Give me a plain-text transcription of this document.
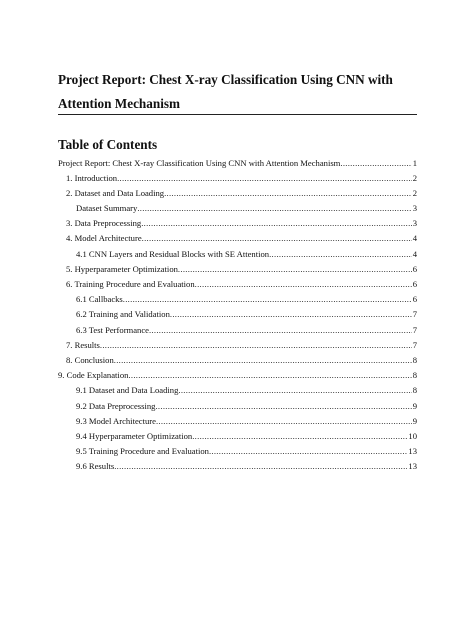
Project Report: Chest X-ray Classification Using CNN with Attention Mechanism
Table of Contents
Project Report: Chest X-ray Classification Using CNN with Attention Mechanism .....	1
1. Introduction .....	2
2. Dataset and Data Loading .....	2
Dataset Summary .....	3
3. Data Preprocessing .....	3
4. Model Architecture .....	4
4.1 CNN Layers and Residual Blocks with SE Attention .....	4
5. Hyperparameter Optimization .....	6
6. Training Procedure and Evaluation .....	6
6.1 Callbacks .....	6
6.2 Training and Validation .....	7
6.3 Test Performance .....	7
7. Results .....	7
8. Conclusion .....	8
9. Code Explanation .....	8
9.1 Dataset and Data Loading .....	8
9.2 Data Preprocessing .....	9
9.3 Model Architecture .....	9
9.4 Hyperparameter Optimization .....	10
9.5 Training Procedure and Evaluation .....	13
9.6 Results .....	13
